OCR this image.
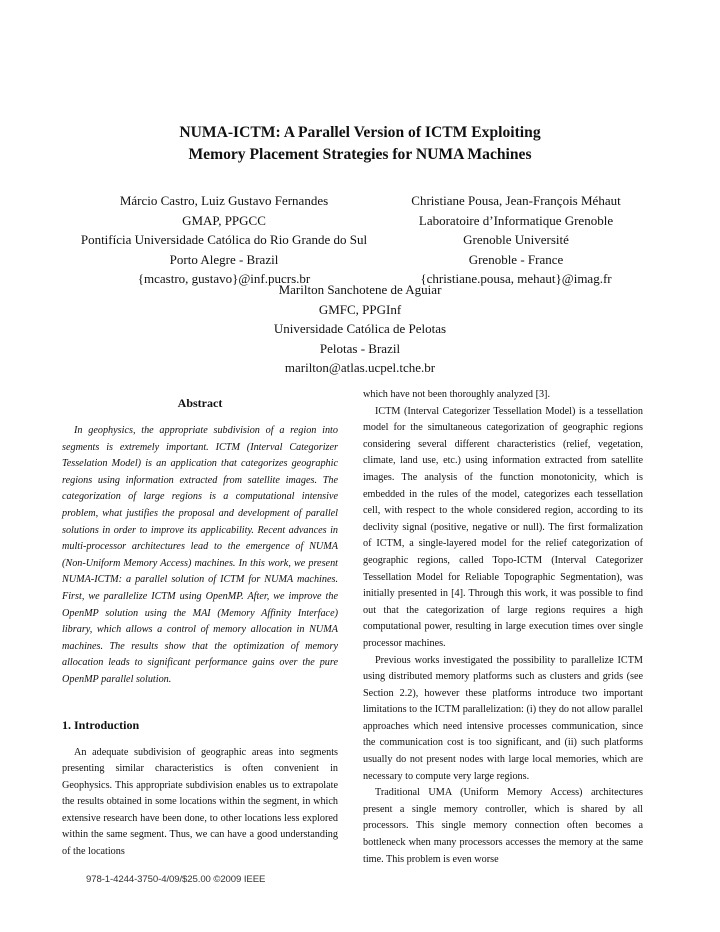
NUMA-ICTM: A Parallel Version of ICTM Exploiting
Memory Placement Strategies for NUMA Machines
Márcio Castro, Luiz Gustavo Fernandes
GMAP, PPGCC
Pontifícia Universidade Católica do Rio Grande do Sul
Porto Alegre - Brazil
{mcastro, gustavo}@inf.pucrs.br
Christiane Pousa, Jean-François Méhaut
Laboratoire d’Informatique Grenoble
Grenoble Université
Grenoble - France
{christiane.pousa, mehaut}@imag.fr
Marilton Sanchotene de Aguiar
GMFC, PPGInf
Universidade Católica de Pelotas
Pelotas - Brazil
marilton@atlas.ucpel.tche.br
Abstract

In geophysics, the appropriate subdivision of a region into segments is extremely important. ICTM (Interval Categorizer Tesselation Model) is an application that categorizes geographic regions using information extracted from satellite images. The categorization of large regions is a computational intensive problem, what justifies the proposal and development of parallel solutions in order to improve its applicability. Recent advances in multi-processor architectures lead to the emergence of NUMA (Non-Uniform Memory Access) machines. In this work, we present NUMA-ICTM: a parallel solution of ICTM for NUMA machines. First, we parallelize ICTM using OpenMP. After, we improve the OpenMP solution using the MAI (Memory Affinity Interface) library, which allows a control of memory allocation in NUMA machines. The results show that the optimization of memory allocation leads to significant performance gains over the pure OpenMP parallel solution.

1. Introduction

An adequate subdivision of geographic areas into segments presenting similar characteristics is often convenient in Geophysics. This appropriate subdivision enables us to extrapolate the results obtained in some locations within the segment, in which extensive research have been done, to other locations less explored within the same segment. Thus, we can have a good understanding of the locations

which have not been thoroughly analyzed [3].

ICTM (Interval Categorizer Tessellation Model) is a tessellation model for the simultaneous categorization of geographic regions considering several different characteristics (relief, vegetation, climate, land use, etc.) using information extracted from satellite images. The analysis of the function monotonicity, which is embedded in the rules of the model, categorizes each tessellation cell, with respect to the whole considered region, according to its declivity signal (positive, negative or null). The first formalization of ICTM, a single-layered model for the relief categorization of geographic regions, called Topo-ICTM (Interval Categorizer Tessellation Model for Reliable Topographic Segmentation), was initially presented in [4]. Through this work, it was possible to find out that the categorization of large regions requires a high computational power, resulting in large execution times over single processor machines.

Previous works investigated the possibility to parallelize ICTM using distributed memory platforms such as clusters and grids (see Section 2.2), however these platforms introduce two important limitations to the ICTM parallelization: (i) they do not allow parallel approaches which need intensive processes communication, since the communication cost is too significant, and (ii) such platforms usually do not present nodes with large local memories, which are necessary to compute very large regions.

Traditional UMA (Uniform Memory Access) architectures present a single memory controller, which is shared by all processors. This single memory connection often becomes a bottleneck when many processors accesses the memory at the same time. This problem is even worse

978-1-4244-3750-4/09/$25.00 ©2009 IEEE
